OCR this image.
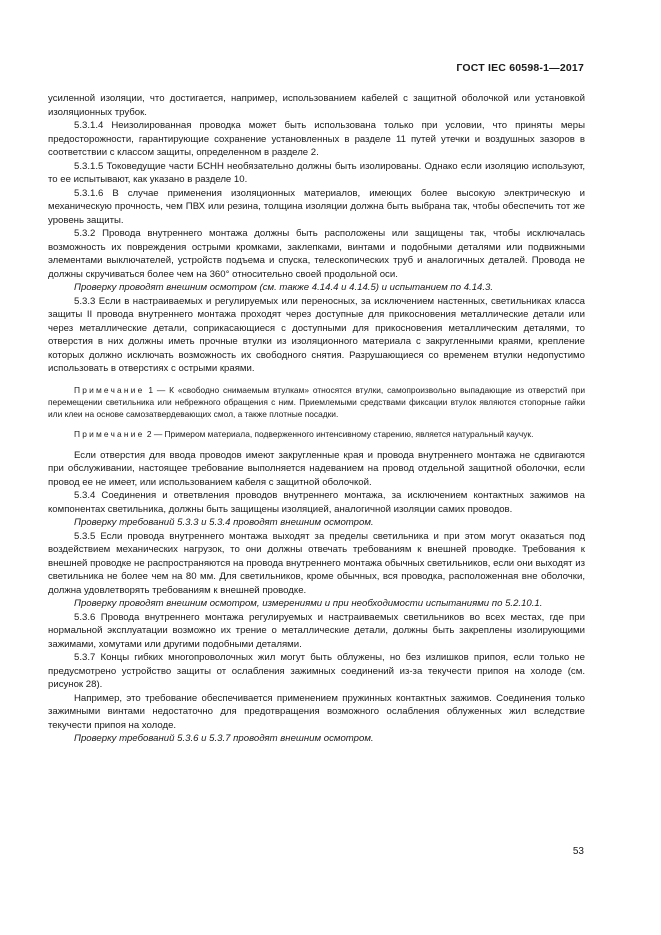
ГОСТ IEC 60598-1—2017

усиленной изоляции, что достигается, например, использованием кабелей с защитной оболочкой или установкой изоляционных трубок.

5.3.1.4 Неизолированная проводка может быть использована только при условии, что приняты меры предосторожности, гарантирующие сохранение установленных в разделе 11 путей утечки и воздушных зазоров в соответствии с классом защиты, определенном в разделе 2.

5.3.1.5 Токоведущие части БСНН необязательно должны быть изолированы. Однако если изоляцию используют, то ее испытывают, как указано в разделе 10.

5.3.1.6 В случае применения изоляционных материалов, имеющих более высокую электрическую и механическую прочность, чем ПВХ или резина, толщина изоляции должна быть выбрана так, чтобы обеспечить тот же уровень защиты.

5.3.2 Провода внутреннего монтажа должны быть расположены или защищены так, чтобы исключалась возможность их повреждения острыми кромками, заклепками, винтами и подобными деталями или подвижными элементами выключателей, устройств подъема и спуска, телескопических труб и аналогичных деталей. Провода не должны скручиваться более чем на 360° относительно своей продольной оси.

Проверку проводят внешним осмотром (см. также 4.14.4 и 4.14.5) и испытанием по 4.14.3.

5.3.3 Если в настраиваемых и регулируемых или переносных, за исключением настенных, светильниках класса защиты II провода внутреннего монтажа проходят через доступные для прикосновения металлические детали или через металлические детали, соприкасающиеся с доступными для прикосновения металлическим деталями, то отверстия в них должны иметь прочные втулки из изоляционного материала с закругленными краями, крепление которых должно исключать возможность их свободного снятия. Разрушающиеся со временем втулки недопустимо использовать в отверстиях с острыми краями.

Примечание 1 — К «свободно снимаемым втулкам» относятся втулки, самопроизвольно выпадающие из отверстий при перемещении светильника или небрежного обращения с ним. Приемлемыми средствами фиксации втулок являются стопорные гайки или клеи на основе самозатвердевающих смол, а также плотные посадки.

Примечание 2 — Примером материала, подверженного интенсивному старению, является натуральный каучук.

Если отверстия для ввода проводов имеют закругленные края и провода внутреннего монтажа не сдвигаются при обслуживании, настоящее требование выполняется надеванием на провод отдельной защитной оболочки, если провод ее не имеет, или использованием кабеля с защитной оболочкой.

5.3.4 Соединения и ответвления проводов внутреннего монтажа, за исключением контактных зажимов на компонентах светильника, должны быть защищены изоляцией, аналогичной изоляции самих проводов.

Проверку требований 5.3.3 и 5.3.4 проводят внешним осмотром.

5.3.5 Если провода внутреннего монтажа выходят за пределы светильника и при этом могут оказаться под воздействием механических нагрузок, то они должны отвечать требованиям к внешней проводке. Требования к внешней проводке не распространяются на провода внутреннего монтажа обычных светильников, если они выходят из светильника не более чем на 80 мм. Для светильников, кроме обычных, вся проводка, расположенная вне оболочки, должна удовлетворять требованиям к внешней проводке.

Проверку проводят внешним осмотром, измерениями и при необходимости испытаниями по 5.2.10.1.

5.3.6 Провода внутреннего монтажа регулируемых и настраиваемых светильников во всех местах, где при нормальной эксплуатации возможно их трение о металлические детали, должны быть закреплены изолирующими зажимами, хомутами или другими подобными деталями.

5.3.7 Концы гибких многопроволочных жил могут быть облужены, но без излишков припоя, если только не предусмотрено устройство защиты от ослабления зажимных соединений из-за текучести припоя на холоде (см. рисунок 28).

Например, это требование обеспечивается применением пружинных контактных зажимов. Соединения только зажимными винтами недостаточно для предотвращения возможного ослабления облуженных жил вследствие текучести припоя на холоде.

Проверку требований 5.3.6 и 5.3.7 проводят внешним осмотром.

53
